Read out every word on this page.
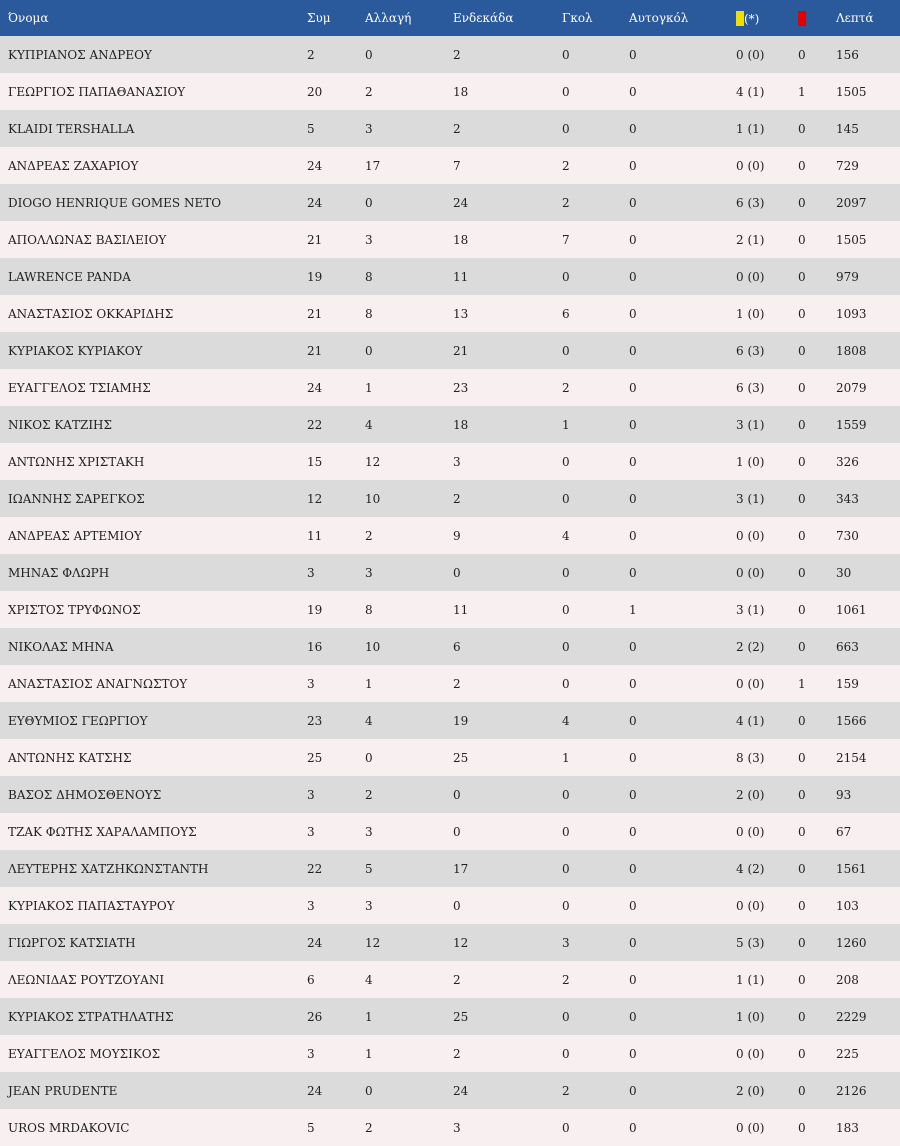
Όνομα	Συμ	Αλλαγή	Ενδεκάδα	Γκολ	Αυτογκόλ	(*)		Λεπτά
ΚΥΠΡΙΑΝΟΣ ΑΝΔΡΕΟΥ	2	0	2	0	0	0 (0)	0	156
ΓΕΩΡΓΙΟΣ ΠΑΠΑΘΑΝΑΣΙΟΥ	20	2	18	0	0	4 (1)	1	1505
KLAIDI TERSHALLA	5	3	2	0	0	1 (1)	0	145
ΑΝΔΡΕΑΣ ΖΑΧΑΡΙΟΥ	24	17	7	2	0	0 (0)	0	729
DIOGO HENRIQUE GOMES NETO	24	0	24	2	0	6 (3)	0	2097
ΑΠΟΛΛΩΝΑΣ ΒΑΣΙΛΕΙΟΥ	21	3	18	7	0	2 (1)	0	1505
LAWRENCE PANDA	19	8	11	0	0	0 (0)	0	979
ΑΝΑΣΤΑΣΙΟΣ ΟΚΚΑΡΙΔΗΣ	21	8	13	6	0	1 (0)	0	1093
ΚΥΡΙΑΚΟΣ ΚΥΡΙΑΚΟΥ	21	0	21	0	0	6 (3)	0	1808
ΕΥΑΓΓΕΛΟΣ ΤΣΙΑΜΗΣ	24	1	23	2	0	6 (3)	0	2079
ΝΙΚΟΣ ΚΑΤΖΙΗΣ	22	4	18	1	0	3 (1)	0	1559
ΑΝΤΩΝΗΣ ΧΡΙΣΤΑΚΗ	15	12	3	0	0	1 (0)	0	326
ΙΩΑΝΝΗΣ ΣΑΡΕΓΚΟΣ	12	10	2	0	0	3 (1)	0	343
ΑΝΔΡΕΑΣ ΑΡΤΕΜΙΟΥ	11	2	9	4	0	0 (0)	0	730
ΜΗΝΑΣ ΦΛΩΡΗ	3	3	0	0	0	0 (0)	0	30
ΧΡΙΣΤΟΣ ΤΡΥΦΩΝΟΣ	19	8	11	0	1	3 (1)	0	1061
ΝΙΚΟΛΑΣ ΜΗΝΑ	16	10	6	0	0	2 (2)	0	663
ΑΝΑΣΤΑΣΙΟΣ ΑΝΑΓΝΩΣΤΟΥ	3	1	2	0	0	0 (0)	1	159
ΕΥΘΥΜΙΟΣ ΓΕΩΡΓΙΟΥ	23	4	19	4	0	4 (1)	0	1566
ΑΝΤΩΝΗΣ ΚΑΤΣΗΣ	25	0	25	1	0	8 (3)	0	2154
ΒΑΣΟΣ ΔΗΜΟΣΘΕΝΟΥΣ	3	2	0	0	0	2 (0)	0	93
ΤΖΑΚ ΦΩΤΗΣ ΧΑΡΑΛΑΜΠΟΥΣ	3	3	0	0	0	0 (0)	0	67
ΛΕΥΤΕΡΗΣ ΧΑΤΖΗΚΩΝΣΤΑΝΤΗ	22	5	17	0	0	4 (2)	0	1561
ΚΥΡΙΑΚΟΣ ΠΑΠΑΣΤΑΥΡΟΥ	3	3	0	0	0	0 (0)	0	103
ΓΙΩΡΓΟΣ ΚΑΤΣΙΑΤΗ	24	12	12	3	0	5 (3)	0	1260
ΛΕΩΝΙΔΑΣ ΡΟΥΤΖΟΥΑΝΙ	6	4	2	2	0	1 (1)	0	208
ΚΥΡΙΑΚΟΣ ΣΤΡΑΤΗΛΑΤΗΣ	26	1	25	0	0	1 (0)	0	2229
ΕΥΑΓΓΕΛΟΣ ΜΟΥΣΙΚΟΣ	3	1	2	0	0	0 (0)	0	225
JEAN PRUDENTE	24	0	24	2	0	2 (0)	0	2126
UROS MRDAKOVIC	5	2	3	0	0	0 (0)	0	183
